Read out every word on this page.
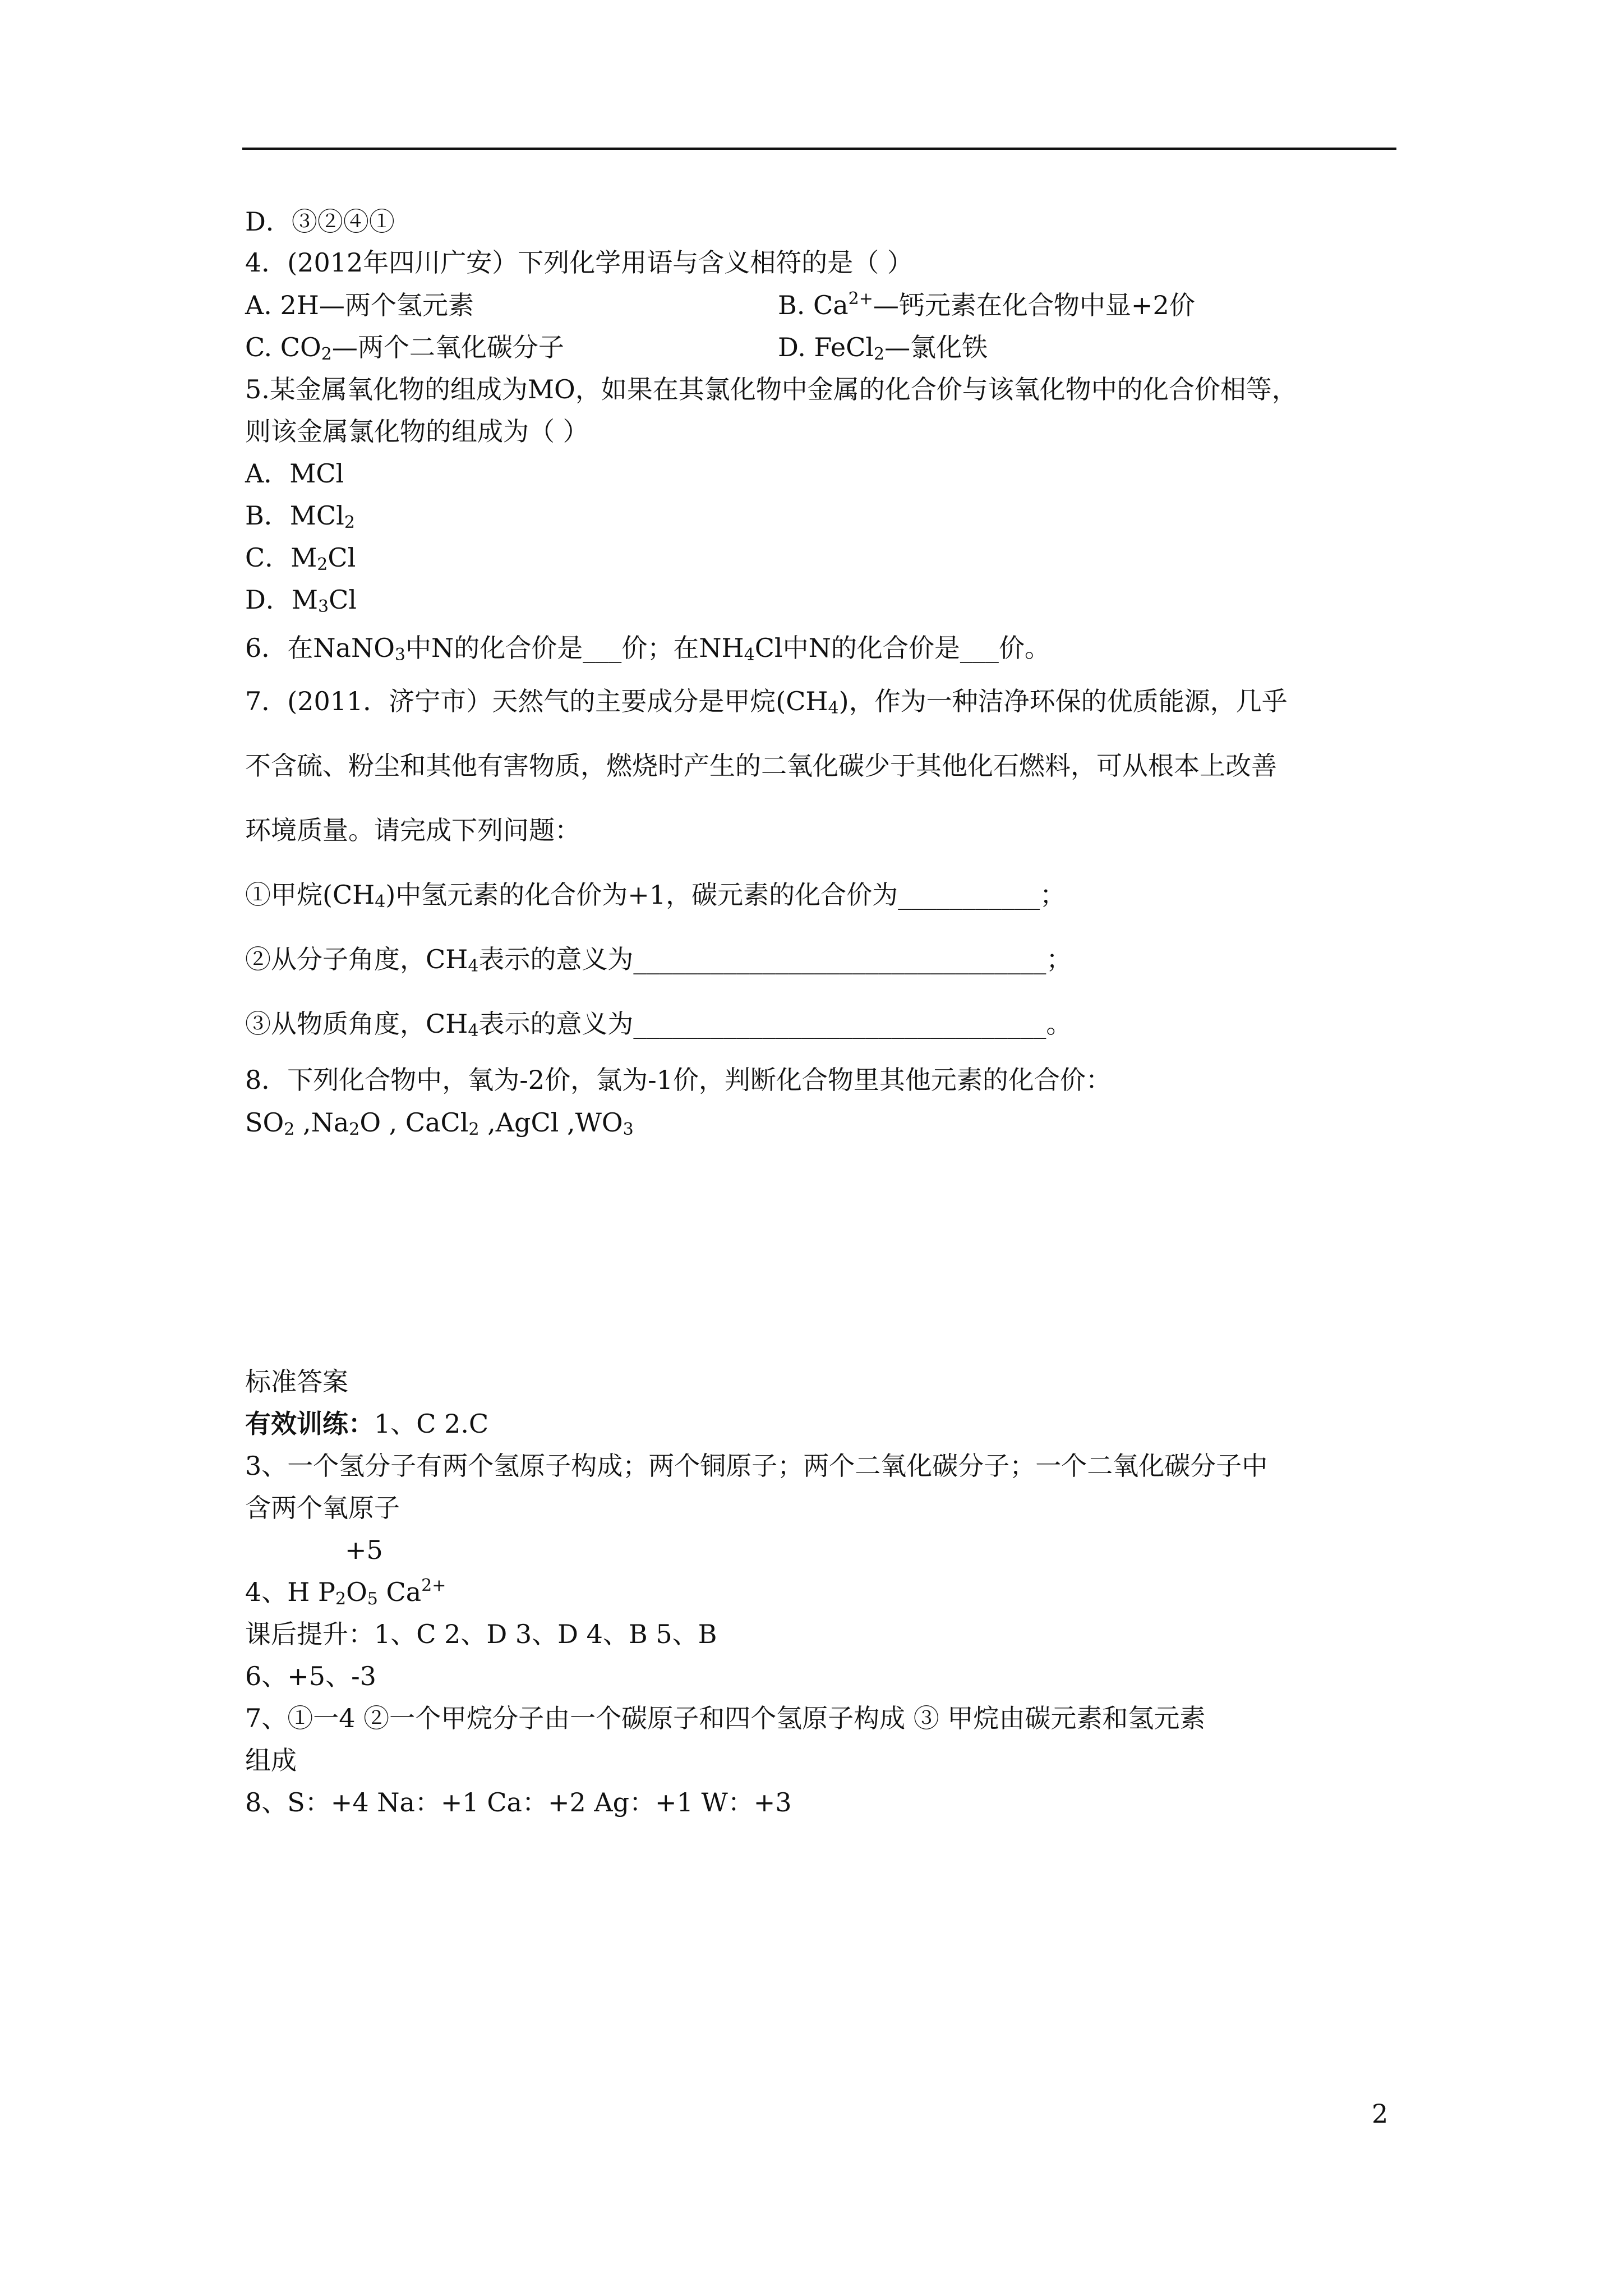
D．③②④①
4．(2012年四川广安）下列化学用语与含义相符的是（ ）
A. 2H—两个氢元素	B. $Ca^{2+}—$钙元素在化合物中显+2价
C. $CO_2—$两个二氧化碳分子	D. FeCl$_2$—氯化铁
5.某金属氧化物的组成为MO，如果在其氯化物中金属的化合价与该氧化物中的化合价相等，
则该金属氯化物的组成为（ ）
A．MCl
B．MCl$_2$
C．$M_2Cl$
D．$M_3Cl$
6．在NaNO$_3$中N的化合价是___价；在$NH_4Cl$中N的化合价是___价。
7．(2011．济宁市）天然气的主要成分是甲烷$(CH_4)$，作为一种洁净环保的优质能源，几乎
不含硫、粉尘和其他有害物质，燃烧时产生的二氧化碳少于其他化石燃料，可从根本上改善
环境质量。请完成下列问题：
①甲烷$(CH_4)$中氢元素的化合价为+1，碳元素的化合价为___________；
②从分子角度，$CH_4$表示的意义为________________________________；
③从物质角度，$CH_4$表示的意义为________________________________。
8．下列化合物中，氧为-2价，氯为-1价，判断化合物里其他元素的化合价：
$SO_2$ $,Na_2O$ , CaCl$_2$ ,AgCl $,WO_3$
标准答案
有效训练：1、C 2.C
3、一个氢分子有两个氢原子构成；两个铜原子；两个二氧化碳分子；一个二氧化碳分子中
含两个氧原子
+5
4、H $P_2O_5$ $Ca^{2+}$
课后提升：1、C 2、D 3、D 4、B 5、B
6、+5、-3
7、①一4 ②一个甲烷分子由一个碳原子和四个氢原子构成 ③ 甲烷由碳元素和氢元素
组成
8、S：+4 Na：+1 Ca：+2 Ag：+1 W：+3
2
